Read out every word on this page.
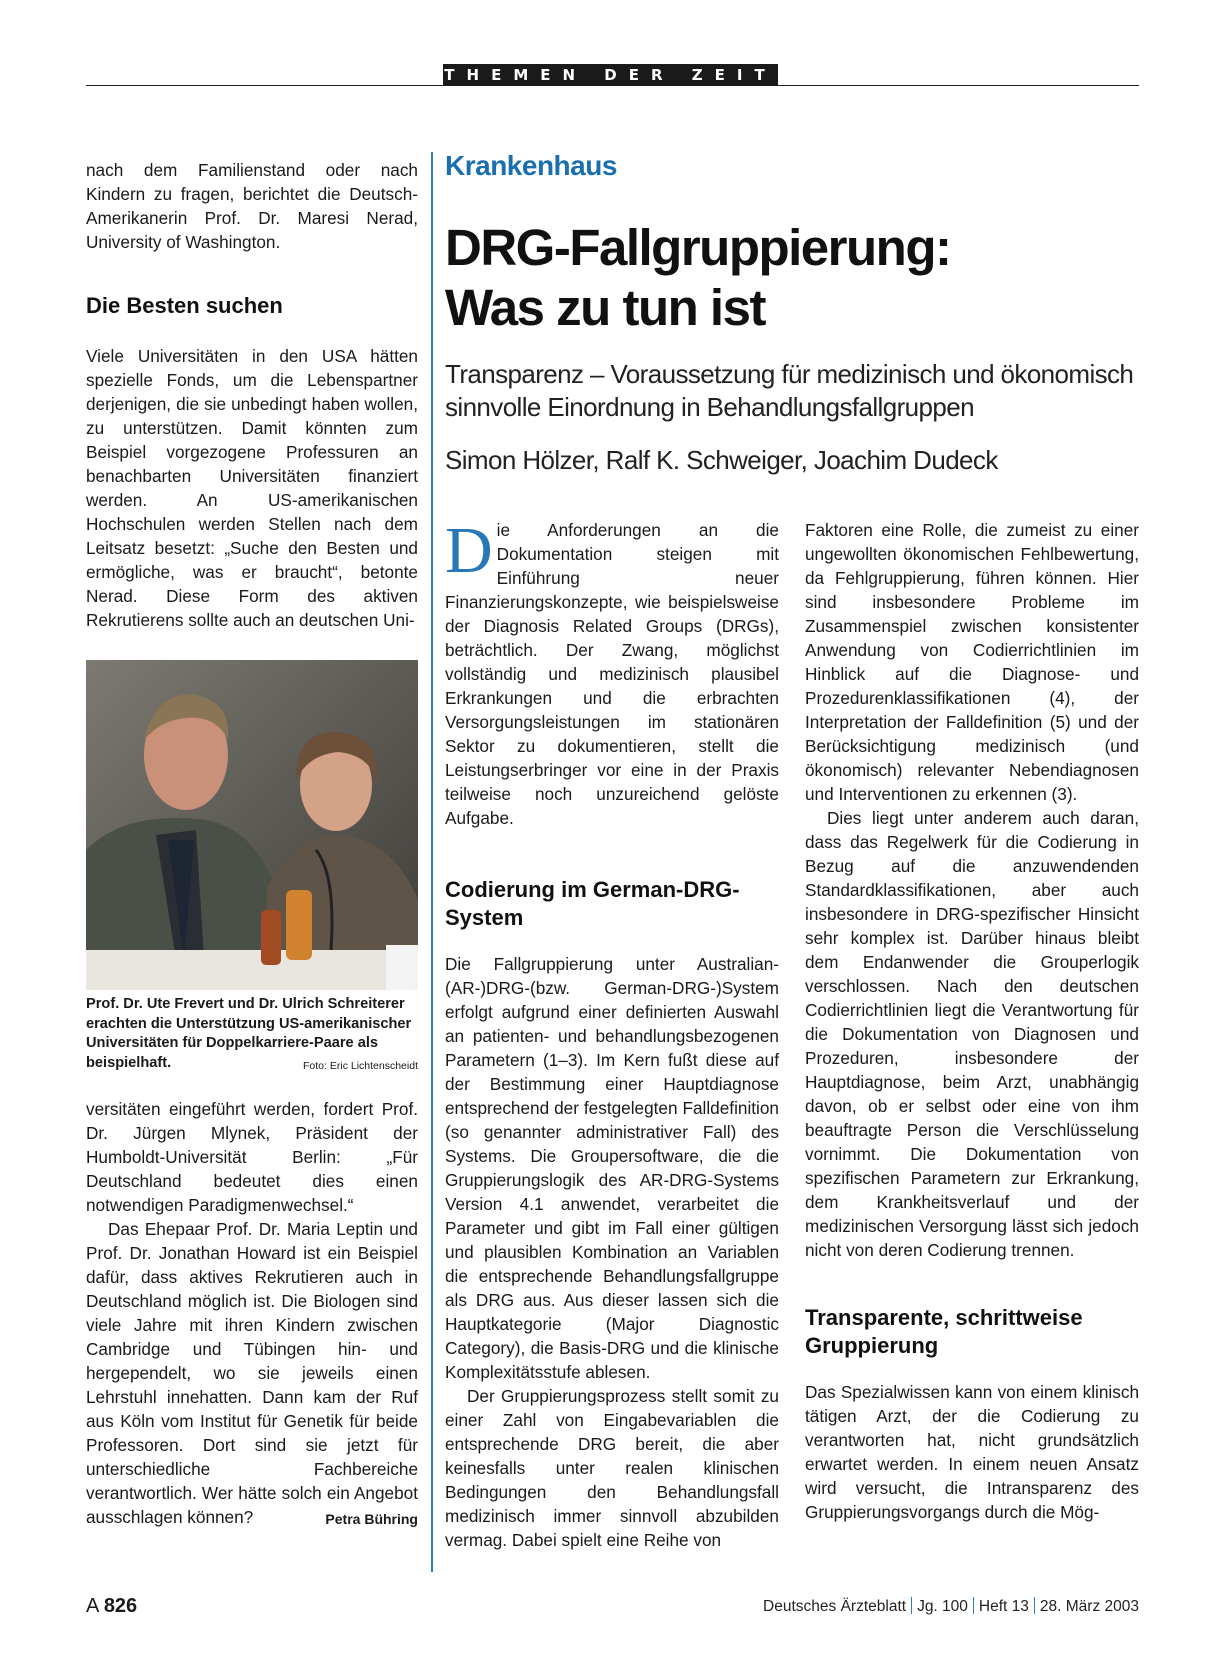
THEMEN DER ZEIT

nach dem Familienstand oder nach Kindern zu fragen, berichtet die Deutsch-Amerikanerin Prof. Dr. Maresi Nerad, University of Washington.

Die Besten suchen

Viele Universitäten in den USA hätten spezielle Fonds, um die Lebenspartner derjenigen, die sie unbedingt haben wollen, zu unterstützen. Damit könnten zum Beispiel vorgezogene Professuren an benachbarten Universitäten finanziert werden. An US-amerikanischen Hochschulen werden Stellen nach dem Leitsatz besetzt: „Suche den Besten und ermögliche, was er braucht“, betonte Nerad. Diese Form des aktiven Rekrutierens sollte auch an deutschen Uni-

Prof. Dr. Ute Frevert und Dr. Ulrich Schreiterer erachten die Unterstützung US-amerikanischer Universitäten für Doppelkarriere-Paare als beispielhaft.	Foto: Eric Lichtenscheidt

versitäten eingeführt werden, fordert Prof. Dr. Jürgen Mlynek, Präsident der Humboldt-Universität Berlin: „Für Deutschland bedeutet dies einen notwendigen Paradigmenwechsel.“

Das Ehepaar Prof. Dr. Maria Leptin und Prof. Dr. Jonathan Howard ist ein Beispiel dafür, dass aktives Rekrutieren auch in Deutschland möglich ist. Die Biologen sind viele Jahre mit ihren Kindern zwischen Cambridge und Tübingen hin- und hergependelt, wo sie jeweils einen Lehrstuhl innehatten. Dann kam der Ruf aus Köln vom Institut für Genetik für beide Professoren. Dort sind sie jetzt für unterschiedliche Fachbereiche verantwortlich. Wer hätte solch ein Angebot ausschlagen können?	Petra Bühring

Krankenhaus
DRG-Fallgruppierung:
Was zu tun ist

Transparenz – Voraussetzung für medizinisch und ökonomisch sinnvolle Einordnung in Behandlungsfallgruppen

Simon Hölzer, Ralf K. Schweiger, Joachim Dudeck

Die Anforderungen an die Dokumentation steigen mit Einführung neuer Finanzierungskonzepte, wie beispielsweise der Diagnosis Related Groups (DRGs), beträchtlich. Der Zwang, möglichst vollständig und medizinisch plausibel Erkrankungen und die erbrachten Versorgungsleistungen im stationären Sektor zu dokumentieren, stellt die Leistungserbringer vor eine in der Praxis teilweise noch unzureichend gelöste Aufgabe.

Codierung im German-DRG-System

Die Fallgruppierung unter Australian-(AR-)DRG-(bzw. German-DRG-)System erfolgt aufgrund einer definierten Auswahl an patienten- und behandlungsbezogenen Parametern (1–3). Im Kern fußt diese auf der Bestimmung einer Hauptdiagnose entsprechend der festgelegten Falldefinition (so genannter administrativer Fall) des Systems. Die Groupersoftware, die die Gruppierungslogik des AR-DRG-Systems Version 4.1 anwendet, verarbeitet die Parameter und gibt im Fall einer gültigen und plausiblen Kombination an Variablen die entsprechende Behandlungsfallgruppe als DRG aus. Aus dieser lassen sich die Hauptkategorie (Major Diagnostic Category), die Basis-DRG und die klinische Komplexitätsstufe ablesen.

Der Gruppierungsprozess stellt somit zu einer Zahl von Eingabevariablen die entsprechende DRG bereit, die aber keinesfalls unter realen klinischen Bedingungen den Behandlungsfall medizinisch immer sinnvoll abzubilden vermag. Dabei spielt eine Reihe von

Faktoren eine Rolle, die zumeist zu einer ungewollten ökonomischen Fehlbewertung, da Fehlgruppierung, führen können. Hier sind insbesondere Probleme im Zusammenspiel zwischen konsistenter Anwendung von Codierrichtlinien im Hinblick auf die Diagnose- und Prozedurenklassifikationen (4), der Interpretation der Falldefinition (5) und der Berücksichtigung medizinisch (und ökonomisch) relevanter Nebendiagnosen und Interventionen zu erkennen (3).

Dies liegt unter anderem auch daran, dass das Regelwerk für die Codierung in Bezug auf die anzuwendenden Standardklassifikationen, aber auch insbesondere in DRG-spezifischer Hinsicht sehr komplex ist. Darüber hinaus bleibt dem Endanwender die Grouperlogik verschlossen. Nach den deutschen Codierrichtlinien liegt die Verantwortung für die Dokumentation von Diagnosen und Prozeduren, insbesondere der Hauptdiagnose, beim Arzt, unabhängig davon, ob er selbst oder eine von ihm beauftragte Person die Verschlüsselung vornimmt. Die Dokumentation von spezifischen Parametern zur Erkrankung, dem Krankheitsverlauf und der medizinischen Versorgung lässt sich jedoch nicht von deren Codierung trennen.

Transparente, schrittweise Gruppierung

Das Spezialwissen kann von einem klinisch tätigen Arzt, der die Codierung zu verantworten hat, nicht grundsätzlich erwartet werden. In einem neuen Ansatz wird versucht, die Intransparenz des Gruppierungsvorgangs durch die Mög-

A 826	Deutsches Ärzteblatt Jg. 100 Heft 13 28. März 2003
